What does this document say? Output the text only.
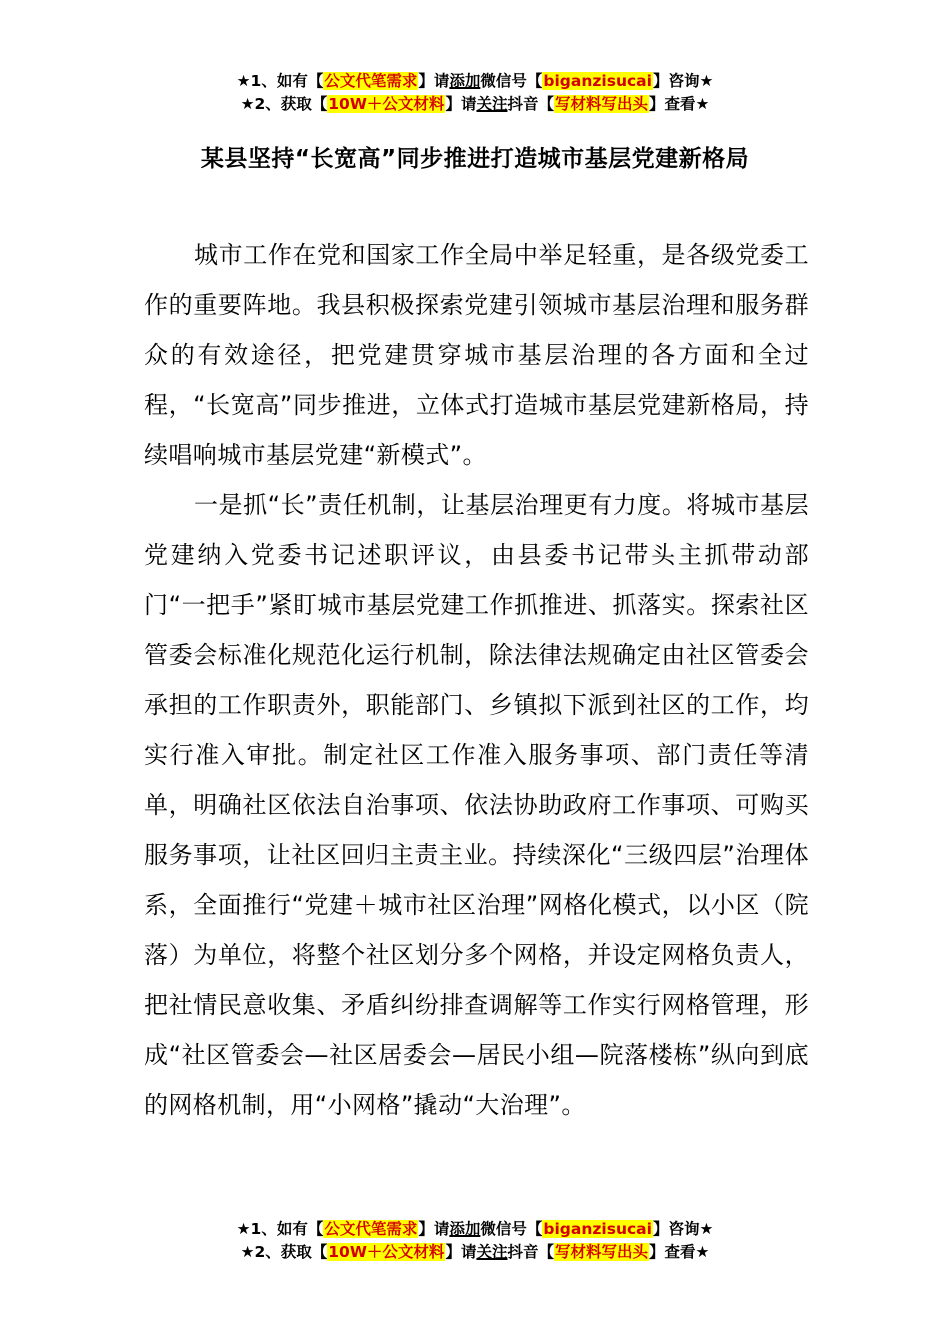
★1、如有【公文代笔需求】请添加微信号【biganzisucai】咨询★
★2、获取【10W＋公文材料】请关注抖音【写材料写出头】查看★
某县坚持“长宽高”同步推进打造城市基层党建新格局

城市工作在党和国家工作全局中举足轻重，是各级党委工作的重要阵地。我县积极探索党建引领城市基层治理和服务群众的有效途径，把党建贯穿城市基层治理的各方面和全过程，“长宽高”同步推进，立体式打造城市基层党建新格局，持续唱响城市基层党建“新模式”。

一是抓“长”责任机制，让基层治理更有力度。将城市基层党建纳入党委书记述职评议，由县委书记带头主抓带动部门“一把手”紧盯城市基层党建工作抓推进、抓落实。探索社区管委会标准化规范化运行机制，除法律法规确定由社区管委会承担的工作职责外，职能部门、乡镇拟下派到社区的工作，均实行准入审批。制定社区工作准入服务事项、部门责任等清单，明确社区依法自治事项、依法协助政府工作事项、可购买服务事项，让社区回归主责主业。持续深化“三级四层”治理体系，全面推行“党建＋城市社区治理”网格化模式，以小区（院落）为单位，将整个社区划分多个网格，并设定网格负责人，把社情民意收集、矛盾纠纷排查调解等工作实行网格管理，形成“社区管委会—社区居委会—居民小组—院落楼栋”纵向到底的网格机制，用“小网格”撬动“大治理”。

★1、如有【公文代笔需求】请添加微信号【biganzisucai】咨询★
★2、获取【10W＋公文材料】请关注抖音【写材料写出头】查看★
